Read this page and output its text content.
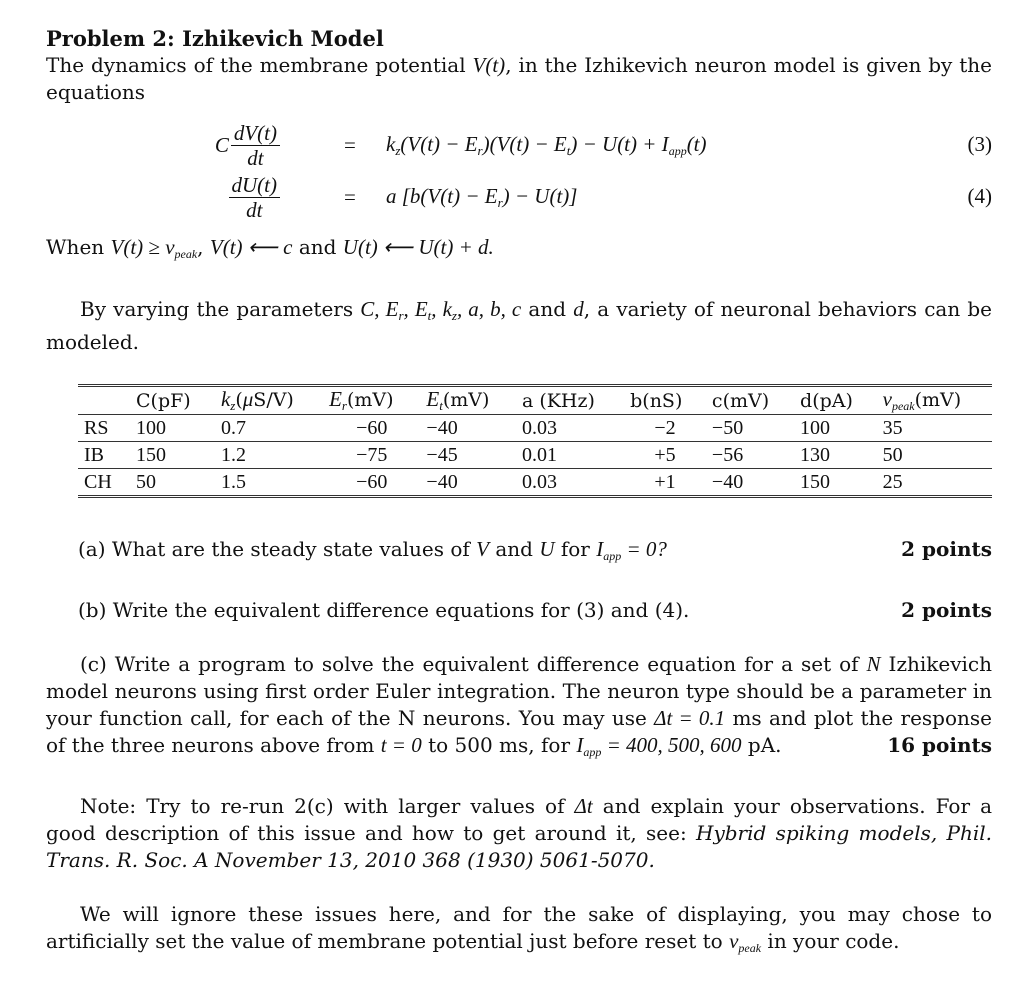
Problem 2: Izhikevich Model
The dynamics of the membrane potential V(t), in the Izhikevich neuron model is given by the equations
C $\frac{dV(t)}{dt}$	= $k_z(V(t) - E_r)(V(t) - E_t) - U(t) + I_{app}(t)$	(3)
$\frac{dU(t)}{dt}$	= a $[b(V(t) - E_r) - U(t)]$	(4)
When $V(t) \ge v_{peak}$, V(t) ⟵ c and U(t) ⟵ U(t) + d.
By varying the parameters C, $E_r$, $E_t$, $k_z$, a, b, c and d, a variety of neuronal behaviors can be modeled.
	C(pF)	$k_z(\mu S/V)$	$E_r(mV)$	$E_t(mV)$	a (KHz)	b(nS)	c(mV)	d(pA)	$v_{peak}(mV)$
RS	100	0.7	−60	−40	0.03	−2	−50	100	35
IB	150	1.2	−75	−45	0.01	+5	−56	130	50
CH	50	1.5	−60	−40	0.03	+1	−40	150	25
(a) What are the steady state values of V and U for $I_{app} = 0$?	2 points
(b) Write the equivalent difference equations for (3) and (4).	2 points
(c) Write a program to solve the equivalent difference equation for a set of N Izhikevich model neurons using first order Euler integration. The neuron type should be a parameter in your function call, for each of the N neurons. You may use Δt = 0.1 ms and plot the response of the three neurons above from t = 0 to 500 ms, for $I_{app} = 400$, 500, 600 pA.	16 points
Note: Try to re-run 2(c) with larger values of Δt and explain your observations. For a good description of this issue and how to get around it, see: Hybrid spiking models, Phil. Trans. R. Soc. A November 13, 2010 368 (1930) 5061-5070.
We will ignore these issues here, and for the sake of displaying, you may chose to artificially set the value of membrane potential just before reset to $v_{peak}$ in your code.
